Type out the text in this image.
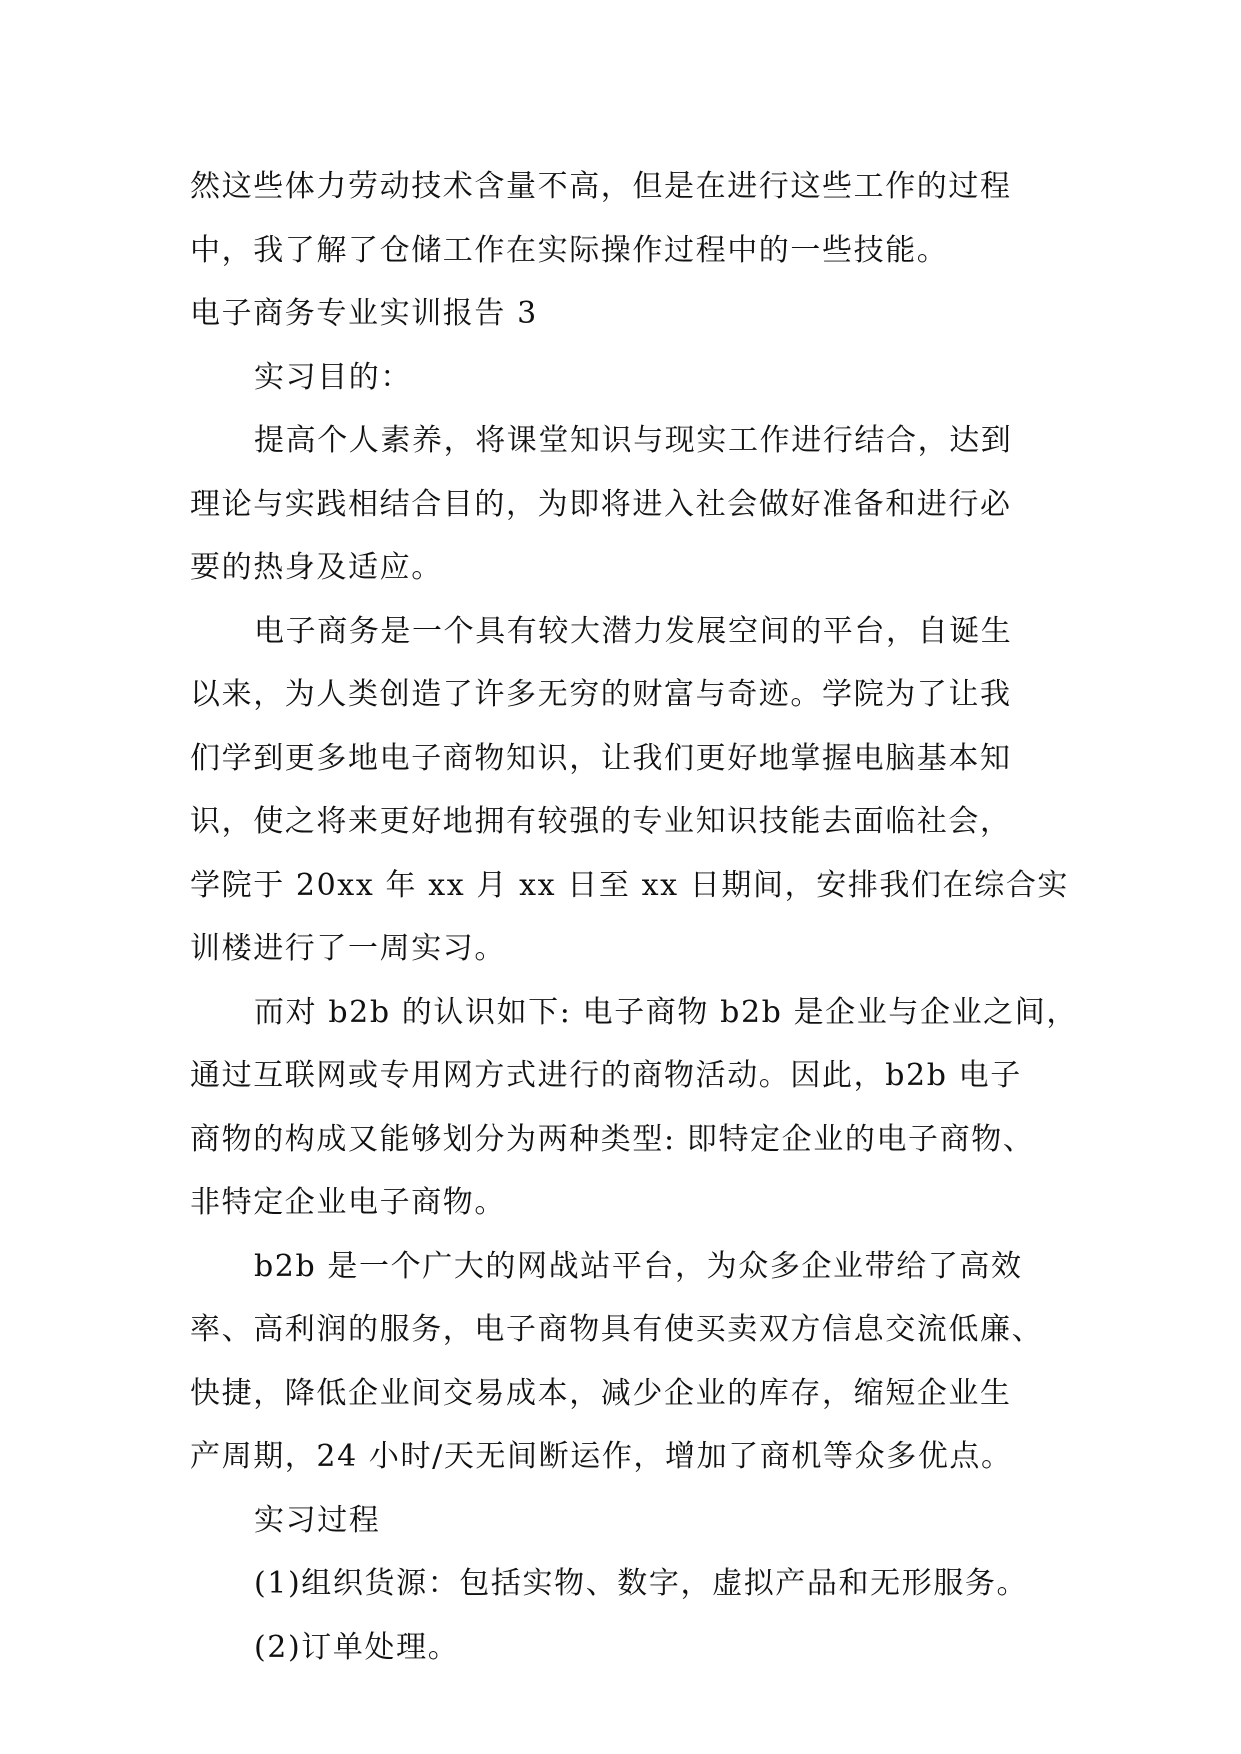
然这些体力劳动技术含量不高，但是在进行这些工作的过程
中，我了解了仓储工作在实际操作过程中的一些技能。
电子商务专业实训报告 3
实习目的：
提高个人素养，将课堂知识与现实工作进行结合，达到
理论与实践相结合目的，为即将进入社会做好准备和进行必
要的热身及适应。
电子商务是一个具有较大潜力发展空间的平台，自诞生
以来，为人类创造了许多无穷的财富与奇迹。学院为了让我
们学到更多地电子商物知识，让我们更好地掌握电脑基本知
识，使之将来更好地拥有较强的专业知识技能去面临社会，
学院于 20xx 年 xx 月 xx 日至 xx 日期间，安排我们在综合实
训楼进行了一周实习。
而对 b2b 的认识如下: 电子商物 b2b 是企业与企业之间，
通过互联网或专用网方式进行的商物活动。因此，b2b 电子
商物的构成又能够划分为两种类型: 即特定企业的电子商物、
非特定企业电子商物。
b2b 是一个广大的网战站平台，为众多企业带给了高效
率、高利润的服务，电子商物具有使买卖双方信息交流低廉、
快捷，降低企业间交易成本，减少企业的库存，缩短企业生
产周期，24 小时/天无间断运作，增加了商机等众多优点。
实习过程
(1)组织货源：包括实物、数字，虚拟产品和无形服务。
(2)订单处理。
